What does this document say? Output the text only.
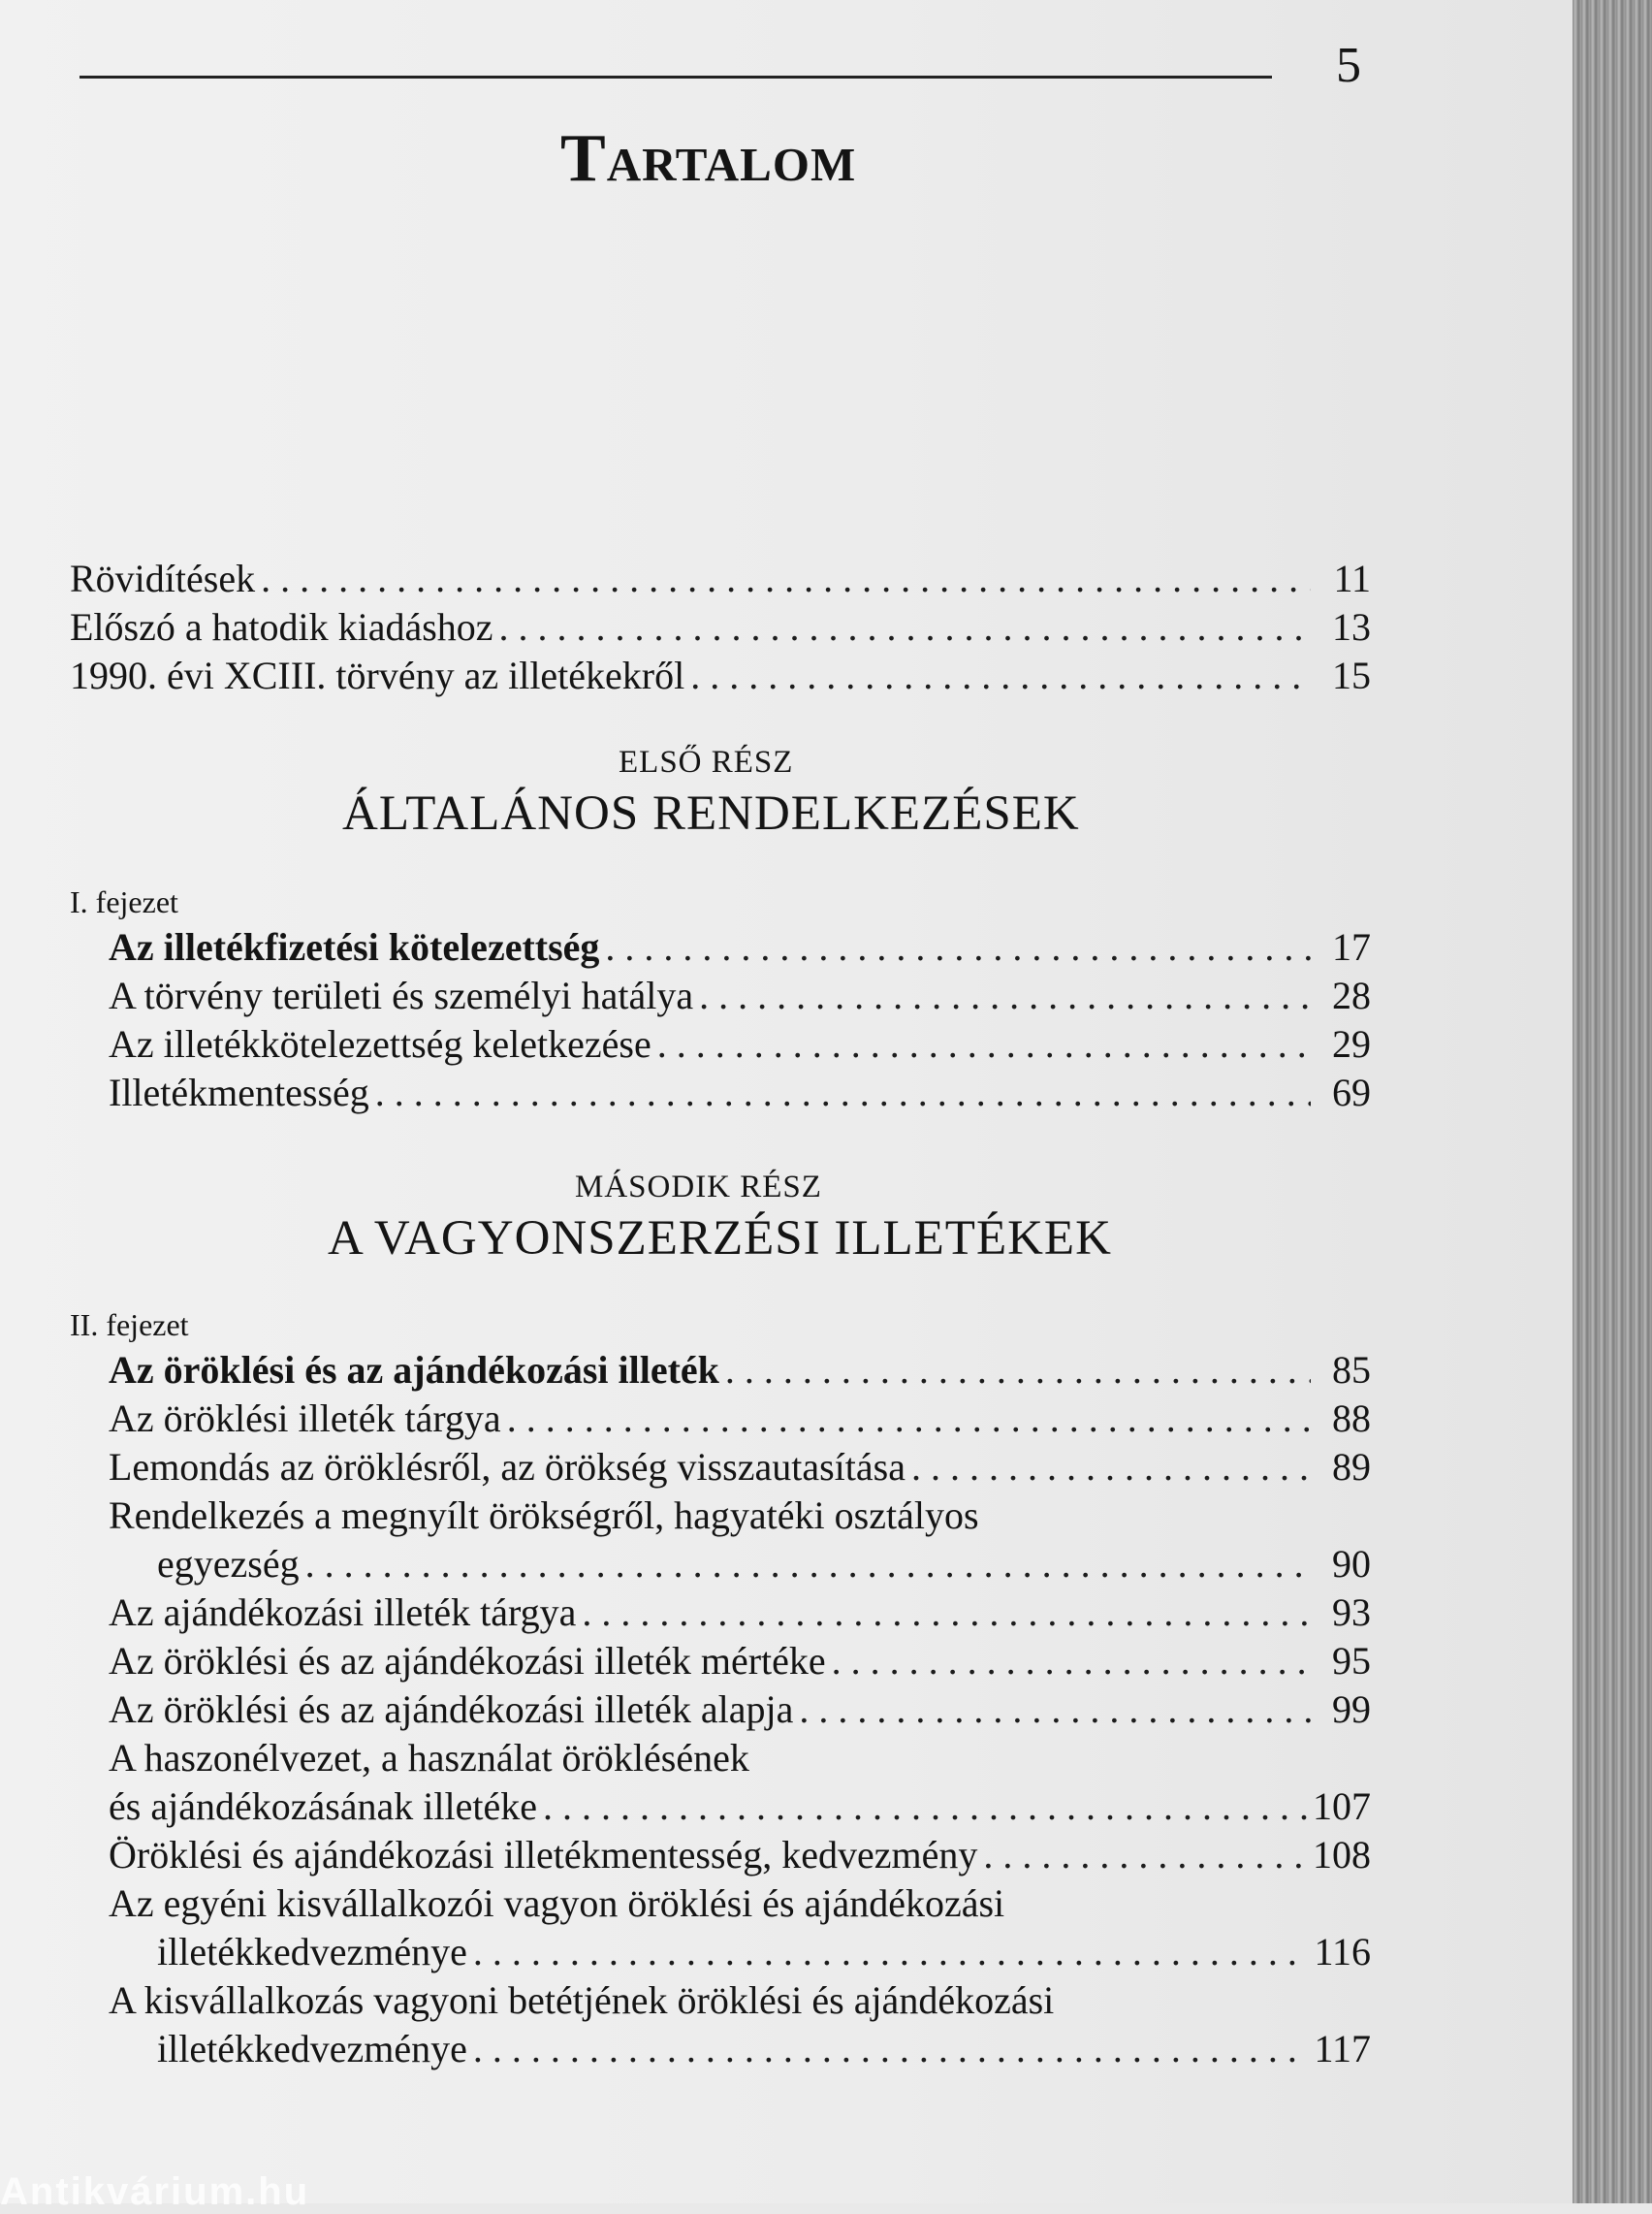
5
Tartalom
Rövidítések . . .	11
Előszó a hatodik kiadáshoz . . .	13
1990. évi XCIII. törvény az illetékekről . . .	15
ELSŐ RÉSZ
ÁLTALÁNOS RENDELKEZÉSEK
I. fejezet
Az illetékfizetési kötelezettség . . .	17
A törvény területi és személyi hatálya . . .	28
Az illetékkötelezettség keletkezése . . .	29
Illetékmentesség . . .	69
MÁSODIK RÉSZ
A VAGYONSZERZÉSI ILLETÉKEK
II. fejezet
Az öröklési és az ajándékozási illeték . . .	85
Az öröklési illeték tárgya . . .	88
Lemondás az öröklésről, az örökség visszautasítása . . .	89
Rendelkezés a megnyílt örökségről, hagyatéki osztályos
egyezség . . .	90
Az ajándékozási illeték tárgya . . .	93
Az öröklési és az ajándékozási illeték mértéke . . .	95
Az öröklési és az ajándékozási illeték alapja . . .	99
A haszonélvezet, a használat öröklésének
és ajándékozásának illetéke . . .	107
Öröklési és ajándékozási illetékmentesség, kedvezmény . . .	108
Az egyéni kisvállalkozói vagyon öröklési és ajándékozási
illetékkedvezménye . . .	116
A kisvállalkozás vagyoni betétjének öröklési és ajándékozási
illetékkedvezménye . . .	117
Antikvárium.hu
